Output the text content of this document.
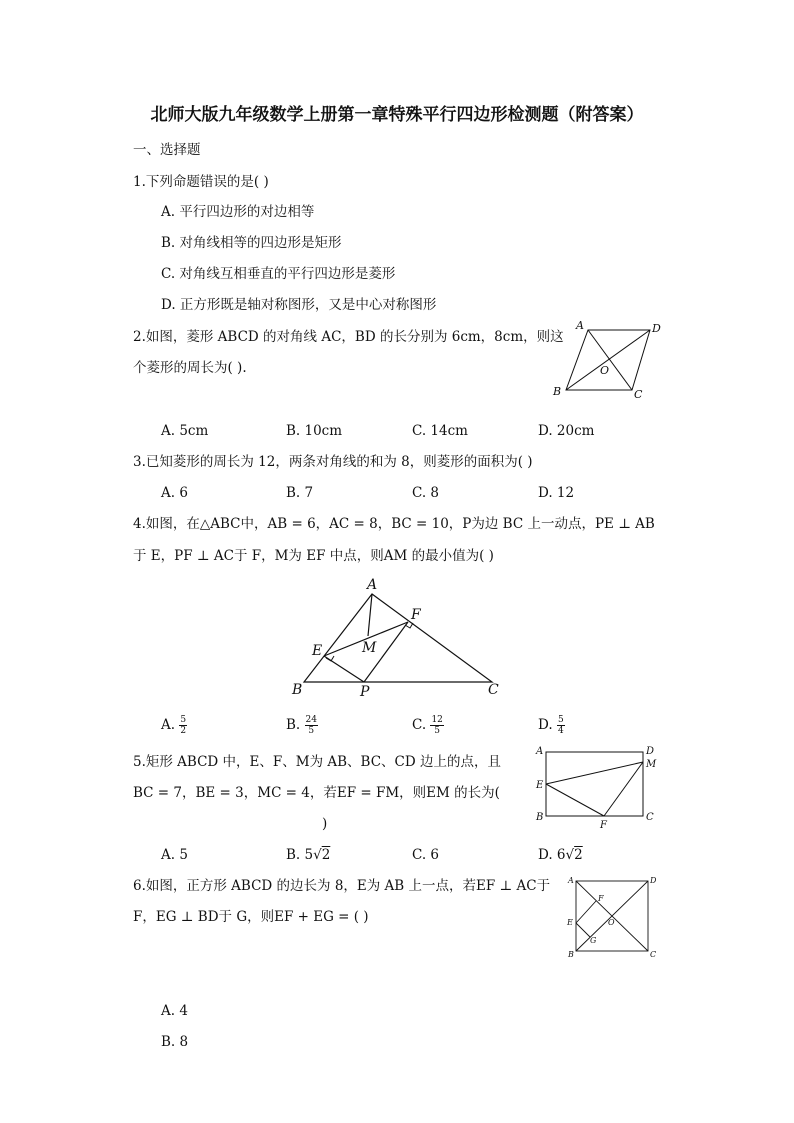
北师大版九年级数学上册第一章特殊平行四边形检测题（附答案）
一、选择题
1.下列命题错误的是( )
A. 平行四边形的对边相等
B. 对角线相等的四边形是矩形
C. 对角线互相垂直的平行四边形是菱形
D. 正方形既是轴对称图形，又是中心对称图形
2.如图，菱形 ABCD 的对角线 AC，BD 的长分别为 6cm，8cm，则这
个菱形的周长为( ).
A	D
B	C
O
A. 5cm	B. 10cm	C. 14cm	D. 20cm
3.已知菱形的周长为 12，两条对角线的和为 8，则菱形的面积为( )
A. 6	B. 7	C. 8	D. 12
4.如图，在△ABC中，AB = 6，AC = 8，BC = 10，P为边 BC 上一动点，PE ⊥ AB
于 E，PF ⊥ AC于 F，M为 EF 中点，则AM 的最小值为( )
A
B	C
E
F
M
P
A. $\frac{5}{2}$	B. $\frac{24}{5}$	C. $\frac{12}{5}$	D. $\frac{5}{4}$
5.矩形 ABCD 中，E、F、M为 AB、BC、CD 边上的点，且
BC = 7，BE = 3，MC = 4，若EF = FM，则EM 的长为(
)
A	D
M
E
B	C
F
A. 5	B. 5√2	C. 6	D. 6√2
6.如图，正方形 ABCD 的边长为 8，E为 AB 上一点，若EF ⊥ AC于
F，EG ⊥ BD于 G，则EF + EG = ( )
A	D
B	C
E
F
G
O
A. 4
B. 8
